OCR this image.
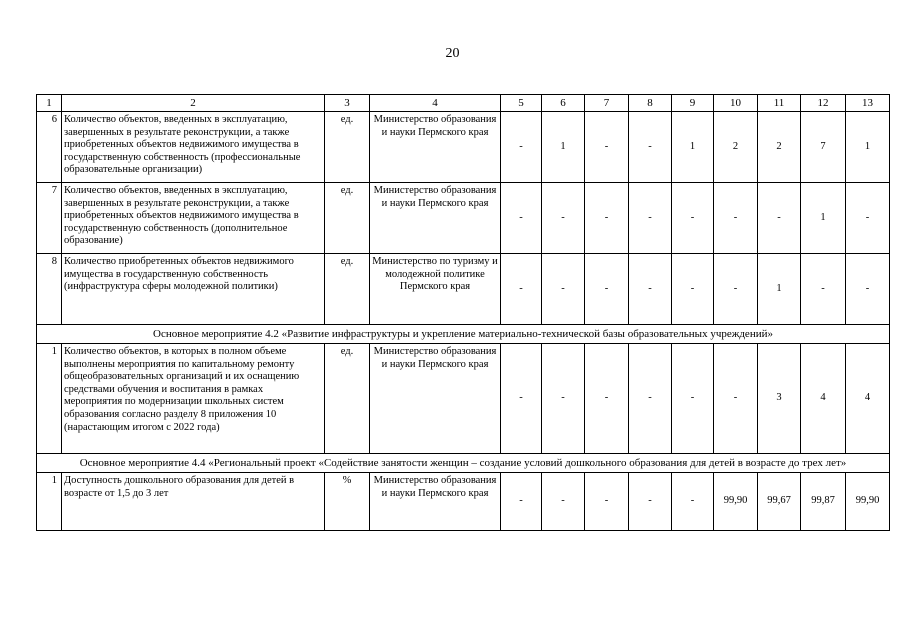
20
1	2	3	4	5	6	7	8	9	10	11	12	13
6	Количество объектов, введенных в эксплуатацию, завершенных в результате реконструкции, а также приобретенных объектов недвижимого имущества в государственную собственность (профессиональные образовательные организации)	ед.	Министерство образования и науки Пермского края	-	1	-	-	1	2	2	7	1
7	Количество объектов, введенных в эксплуатацию, завершенных в результате реконструкции, а также приобретенных объектов недвижимого имущества в государственную собственность (дополнительное образование)	ед.	Министерство образования и науки Пермского края	-	-	-	-	-	-	-	1	-
8	Количество приобретенных объектов недвижимого имущества в государственную собственность (инфраструктура сферы молодежной политики)	ед.	Министерство по туризму и молодежной политике Пермского края	-	-	-	-	-	-	1	-	-
Основное мероприятие 4.2 «Развитие инфраструктуры и укрепление материально-технической базы образовательных учреждений»												
1	Количество объектов, в которых в полном объеме выполнены мероприятия по капитальному ремонту общеобразовательных организаций и их оснащению средствами обучения и воспитания в рамках мероприятия по модернизации школьных систем образования согласно разделу 8 приложения 10 (нарастающим итогом с 2022 года)	ед.	Министерство образования и науки Пермского края	-	-	-	-	-	-	3	4	4
Основное мероприятие 4.4 «Региональный проект «Содействие занятости женщин – создание условий дошкольного образования для детей в возрасте до трех лет»												
1	Доступность дошкольного образования для детей в возрасте от 1,5 до 3 лет	%	Министерство образования и науки Пермского края	-	-	-	-	-	99,90	99,67	99,87	99,90
